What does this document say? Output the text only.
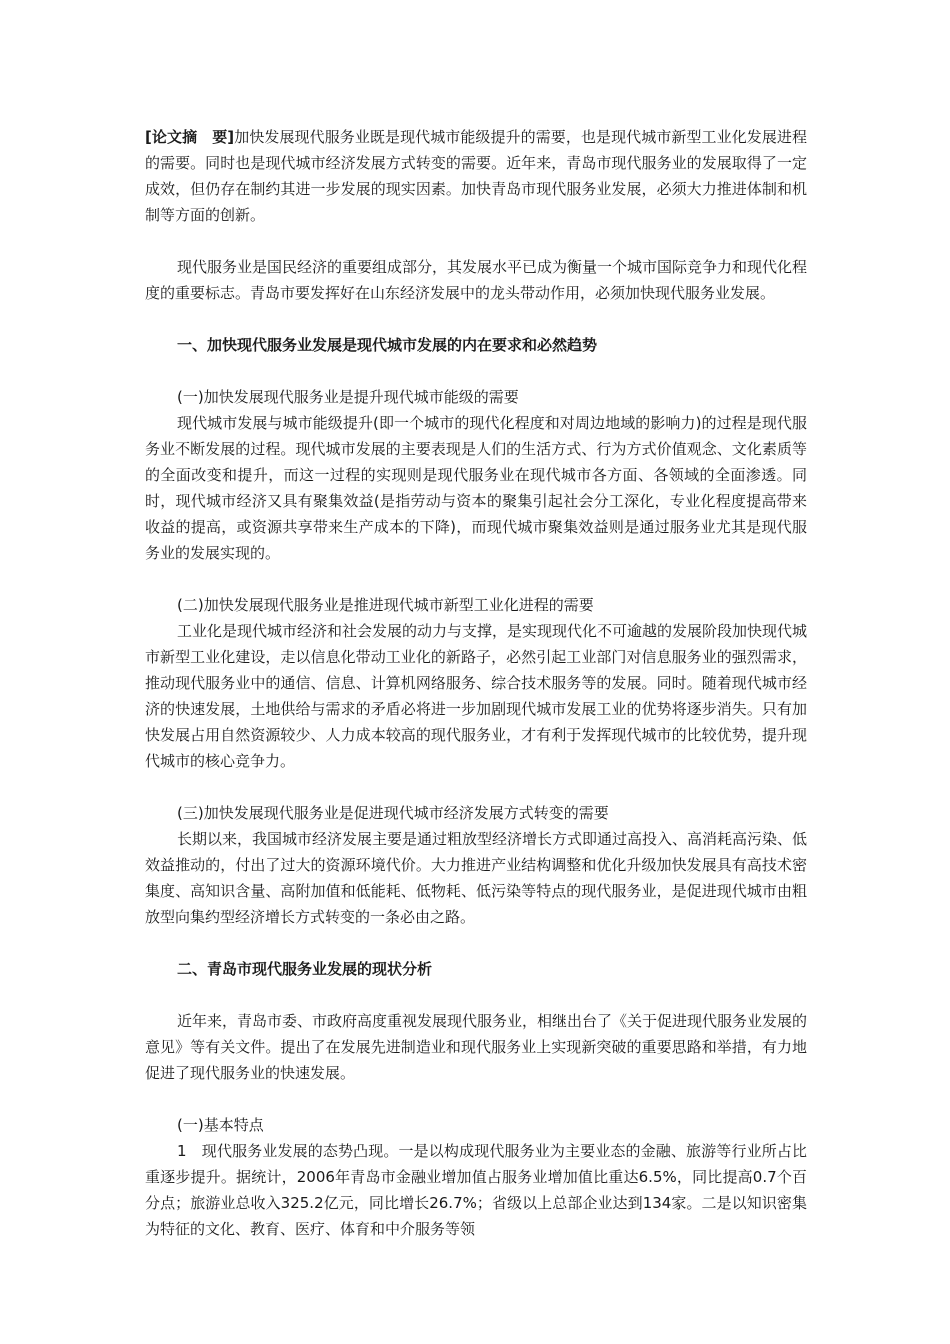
[论文摘　要]加快发展现代服务业既是现代城市能级提升的需要，也是现代城市新型工业化发展进程的需要。同时也是现代城市经济发展方式转变的需要。近年来，青岛市现代服务业的发展取得了一定成效，但仍存在制约其进一步发展的现实因素。加快青岛市现代服务业发展，必须大力推进体制和机制等方面的创新。

现代服务业是国民经济的重要组成部分，其发展水平已成为衡量一个城市国际竞争力和现代化程度的重要标志。青岛市要发挥好在山东经济发展中的龙头带动作用，必须加快现代服务业发展。

一、加快现代服务业发展是现代城市发展的内在要求和必然趋势

(一)加快发展现代服务业是提升现代城市能级的需要

现代城市发展与城市能级提升(即一个城市的现代化程度和对周边地域的影响力)的过程是现代服务业不断发展的过程。现代城市发展的主要表现是人们的生活方式、行为方式价值观念、文化素质等的全面改变和提升，而这一过程的实现则是现代服务业在现代城市各方面、各领域的全面渗透。同时，现代城市经济又具有聚集效益(是指劳动与资本的聚集引起社会分工深化，专业化程度提高带来收益的提高，或资源共享带来生产成本的下降)，而现代城市聚集效益则是通过服务业尤其是现代服务业的发展实现的。

(二)加快发展现代服务业是推进现代城市新型工业化进程的需要

工业化是现代城市经济和社会发展的动力与支撑，是实现现代化不可逾越的发展阶段加快现代城市新型工业化建设，走以信息化带动工业化的新路子，必然引起工业部门对信息服务业的强烈需求，推动现代服务业中的通信、信息、计算机网络服务、综合技术服务等的发展。同时。随着现代城市经济的快速发展，土地供给与需求的矛盾必将进一步加剧现代城市发展工业的优势将逐步消失。只有加快发展占用自然资源较少、人力成本较高的现代服务业，才有利于发挥现代城市的比较优势，提升现代城市的核心竞争力。

(三)加快发展现代服务业是促进现代城市经济发展方式转变的需要

长期以来，我国城市经济发展主要是通过粗放型经济增长方式即通过高投入、高消耗高污染、低效益推动的，付出了过大的资源环境代价。大力推进产业结构调整和优化升级加快发展具有高技术密集度、高知识含量、高附加值和低能耗、低物耗、低污染等特点的现代服务业，是促进现代城市由粗放型向集约型经济增长方式转变的一条必由之路。

二、青岛市现代服务业发展的现状分析

近年来，青岛市委、市政府高度重视发展现代服务业，相继出台了《关于促进现代服务业发展的意见》等有关文件。提出了在发展先进制造业和现代服务业上实现新突破的重要思路和举措，有力地促进了现代服务业的快速发展。

(一)基本特点

1　现代服务业发展的态势凸现。一是以构成现代服务业为主要业态的金融、旅游等行业所占比重逐步提升。据统计，2006年青岛市金融业增加值占服务业增加值比重达6.5%，同比提高0.7个百分点；旅游业总收入325.2亿元，同比增长26.7%；省级以上总部企业达到134家。二是以知识密集为特征的文化、教育、医疗、体育和中介服务等领
